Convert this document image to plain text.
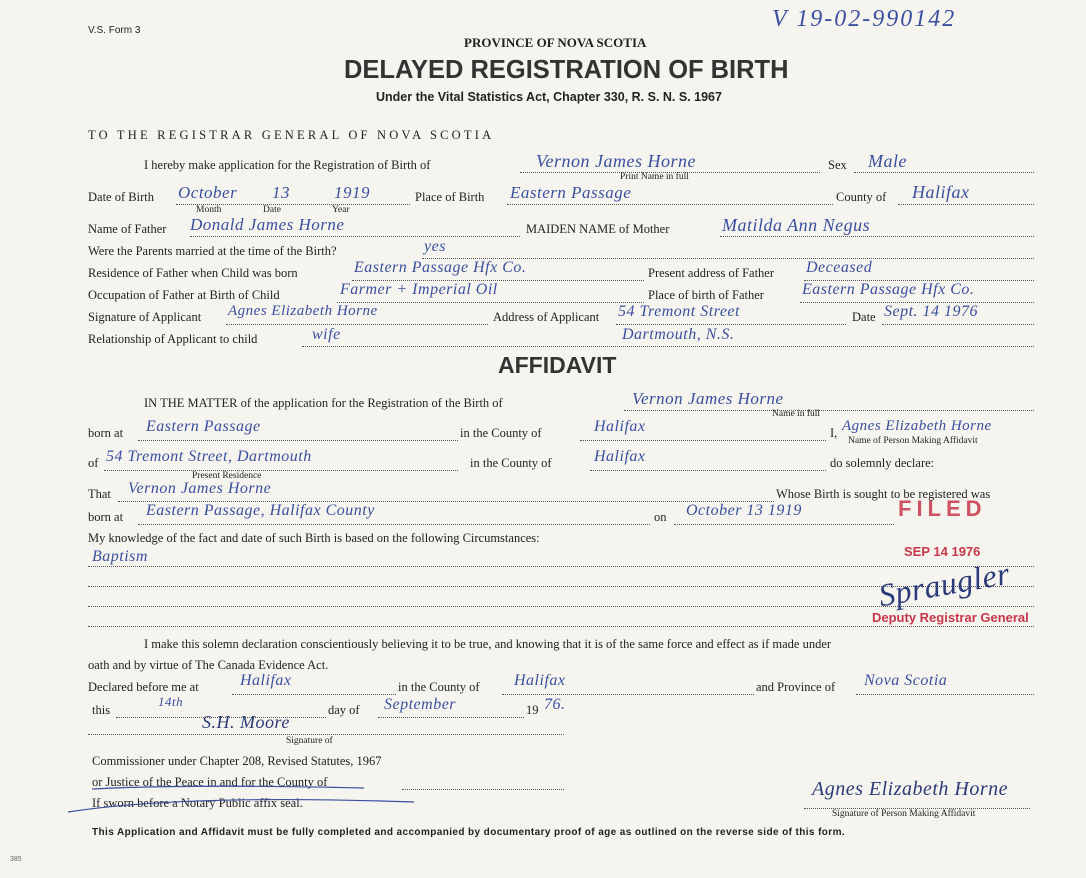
V.S. Form 3	V 19-02-990142
PROVINCE OF NOVA SCOTIA
DELAYED REGISTRATION OF BIRTH
Under the Vital Statistics Act, Chapter 330, R. S. N. S. 1967
TO THE REGISTRAR GENERAL OF NOVA SCOTIA
I hereby make application for the Registration of Birth of	Vernon James Horne
Print Name in full
Sex Male
Date of Birth October 13	1919
Month	Date	Year
Place of Birth Eastern Passage	County of Halifax
Name of Father Donald James Horne	MAIDEN NAME of Mother	Matilda Ann Negus
Were the Parents married at the time of the Birth?	yes
Residence of Father when Child was born	Eastern Passage Hfx Co.	Present address of Father Deceased
Occupation of Father at Birth of Child	Farmer + Imperial Oil	Place of birth of Father Eastern Passage Hfx Co.
Signature of Applicant Agnes Elizabeth Horne	Address of Applicant 54 Tremont Street	Date Sept. 14 1976
Relationship of Applicant to child	wife	Dartmouth, N.S.
AFFIDAVIT
IN THE MATTER of the application for the Registration of the Birth of	Vernon James Horne
Name in full
born at Eastern Passage	in the County of	Halifax	I, Agnes Elizabeth Horne
Name of Person Making Affidavit
of 54 Tremont Street, Dartmouth	in the County of	Halifax	do solemnly declare:
Present Residence
That Vernon James Horne	Whose Birth is sought to be registered was
born at Eastern Passage, Halifax County	on October 13 1919	FILED
My knowledge of the fact and date of such Birth is based on the following Circumstances:
Baptism	SEP 14 1976
Spraugler
Deputy Registrar General
I make this solemn declaration conscientiously believing it to be true, and knowing that it is of the same force and effect as if made under
oath and by virtue of The Canada Evidence Act.
Declared before me at	Halifax	in the County of Halifax	and Province of Nova Scotia
this
14th
day of September	19 76.
S.H. Moore
Signature of
Commissioner under Chapter 208, Revised Statutes, 1967
or Justice of the Peace in and for the County of
If sworn before a Notary Public affix seal.
Agnes Elizabeth Horne
Signature of Person Making Affidavit
This Application and Affidavit must be fully completed and accompanied by documentary proof of age as outlined on the reverse side of this form.
385
